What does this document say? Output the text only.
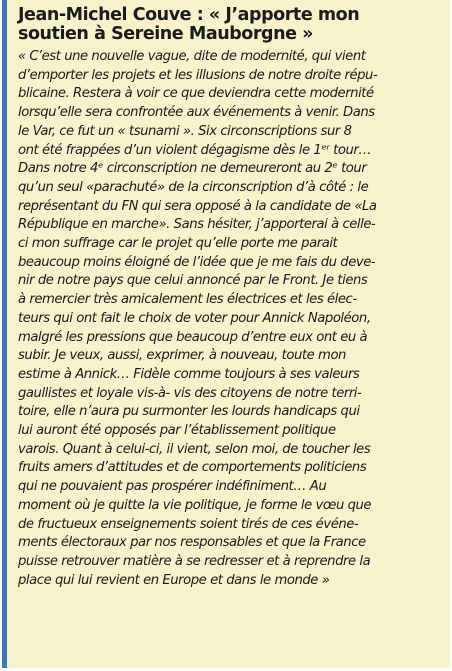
Jean-Michel Couve : « J’apporte mon
soutien à Sereine Mauborgne »

« C’est une nouvelle vague, dite de modernité, qui vient
d’emporter les projets et les illusions de notre droite répu-
blicaine. Restera à voir ce que deviendra cette modernité
lorsqu’elle sera confrontée aux événements à venir. Dans
le Var, ce fut un « tsunami ». Six circonscriptions sur 8
ont été frappées d’un violent dégagisme dès le 1ᵉʳ tour…
Dans notre 4ᵉ circonscription ne demeureront au 2ᵉ tour
qu’un seul «parachuté» de la circonscription d’à côté : le
représentant du FN qui sera opposé à la candidate de «La
République en marche». Sans hésiter, j’apporterai à celle-
ci mon suffrage car le projet qu’elle porte me parait
beaucoup moins éloigné de l’idée que je me fais du deve-
nir de notre pays que celui annoncé par le Front. Je tiens
à remercier très amicalement les électrices et les élec-
teurs qui ont fait le choix de voter pour Annick Napoléon,
malgré les pressions que beaucoup d’entre eux ont eu à
subir. Je veux, aussi, exprimer, à nouveau, toute mon
estime à Annick… Fidèle comme toujours à ses valeurs
gaullistes et loyale vis-à- vis des citoyens de notre terri-
toire, elle n’aura pu surmonter les lourds handicaps qui
lui auront été opposés par l’établissement politique
varois. Quant à celui-ci, il vient, selon moi, de toucher les
fruits amers d’attitudes et de comportements politiciens
qui ne pouvaient pas prospérer indéfiniment… Au
moment où je quitte la vie politique, je forme le vœu que
de fructueux enseignements soient tirés de ces événe-
ments électoraux par nos responsables et que la France
puisse retrouver matière à se redresser et à reprendre la
place qui lui revient en Europe et dans le monde »
